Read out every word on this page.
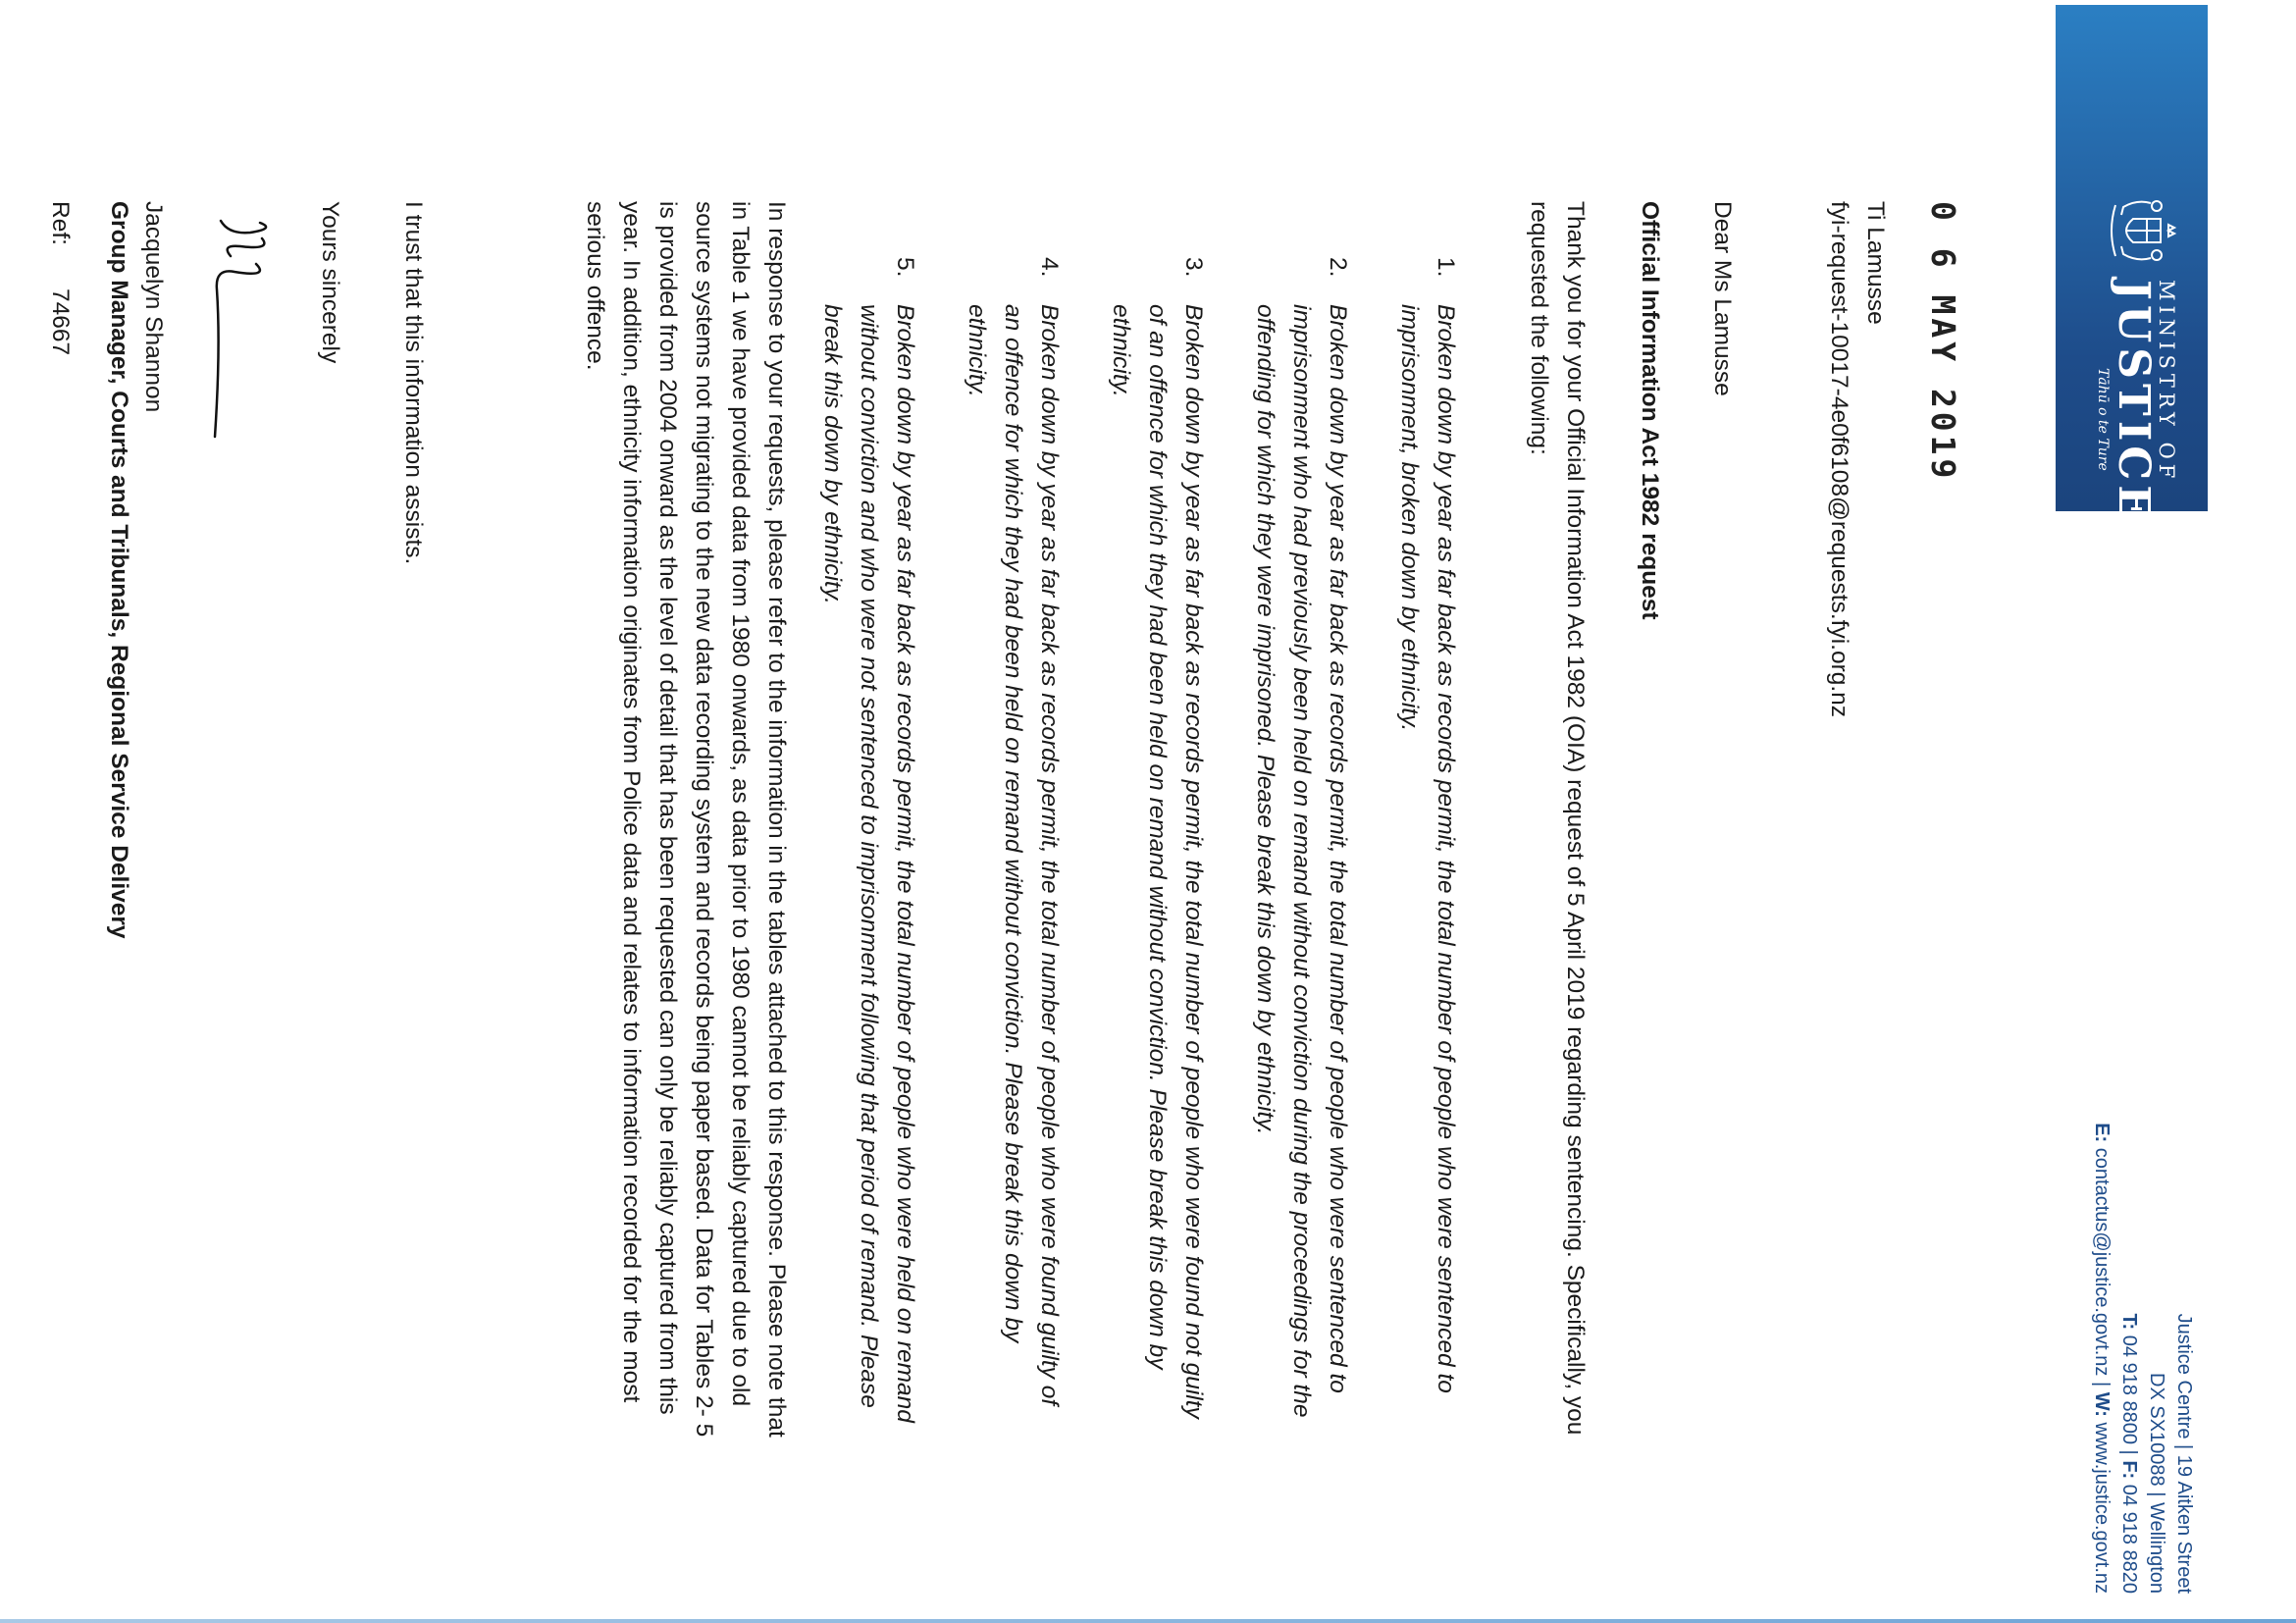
MINISTRY OF
JUSTICE
Tāhū o te Ture
Justice Centre | 19 Aitken Street
DX SX10088 | Wellington
T: 04 918 8800 | F: 04 918 8820
E: contactus@justice.govt.nz | W: www.justice.govt.nz
0 6 MAY 2019
Ti Lamusse
fyi-request-10017-4e0f6108@requests.fyi.org.nz
Dear Ms Lamusse
Official Information Act 1982 request
Thank you for your Official Information Act 1982 (OIA) request of 5 April 2019 regarding sentencing. Specifically, you requested the following:
1.
Broken down by year as far back as records permit, the total number of people who were sentenced to imprisonment, broken down by ethnicity.
2.
Broken down by year as far back as records permit, the total number of people who were sentenced to imprisonment who had previously been held on remand without conviction during the proceedings for the offending for which they were imprisoned. Please break this down by ethnicity.
3.
Broken down by year as far back as records permit, the total number of people who were found not guilty of an offence for which they had been held on remand without conviction. Please break this down by ethnicity.
4.
Broken down by year as far back as records permit, the total number of people who were found guilty of an offence for which they had been held on remand without conviction. Please break this down by ethnicity.
5.
Broken down by year as far back as records permit, the total number of people who were held on remand without conviction and who were not sentenced to imprisonment following that period of remand. Please break this down by ethnicity.
In response to your requests, please refer to the information in the tables attached to this response. Please note that in Table 1 we have provided data from 1980 onwards, as data prior to 1980 cannot be reliably captured due to old source systems not migrating to the new data recording system and records being paper based. Data for Tables 2- 5 is provided from 2004 onward as the level of detail that has been requested can only be reliably captured from this year. In addition, ethnicity information originates from Police data and relates to information recorded for the most serious offence.
I trust that this information assists.
Yours sincerely
Jacquelyn Shannon
Group Manager, Courts and Tribunals, Regional Service Delivery
Ref:74667
